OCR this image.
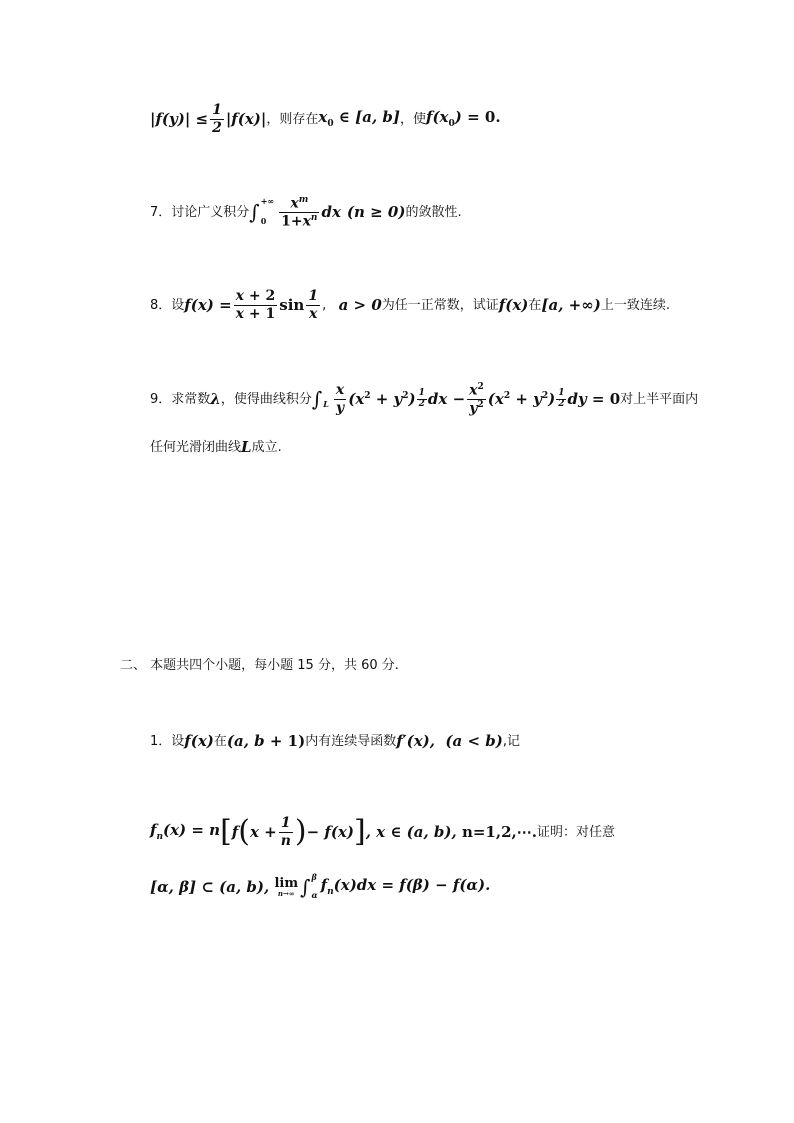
$|f(y)| \le \frac{1}{2} |f(x)|$ ，则存在 $x_0$ ∈ [a, b] ，使 $f(x_0) = 0$.
7．讨论广义积分 ∫ +∞
$0 \frac{x^m}{1+x^n}$ dx (n ≥ 0) 的敛散性.
8．设 $f(x) = \frac{x + 2}{x + 1}$ $\sin \frac{1}{x}$ , a > 0 为任一正常数，试证 f(x) 在 [a, +∞) 上一致连续.
9．求常数 λ ，使得曲线积分 ∫ L $\frac{x}{y} (x^2 + y^2) \frac{1}{2}$ dx − $\frac{x^2}{y^2} (x^2 + y^2) \frac{1}{2}$ dy = 0 对上半平面内
任何光滑闭曲线 L 成立.
二、 本题共四个小题，每小题 15 分，共 60 分.
1．设 f(x) 在 (a, b + 1) 内有连续导函数 f′(x),  (a < b) ,记
$f_n(x) = n$ [ f ( $x + \frac{1}{n}$ ) − f(x) ] , x ∈ (a, b), n=1,2,⋯. 证明：对任意
[α, β] ⊂ (a, b), lim
n→∞ ∫ β
α
$f_n(x)dx = f(\beta) - f(\alpha)$.
